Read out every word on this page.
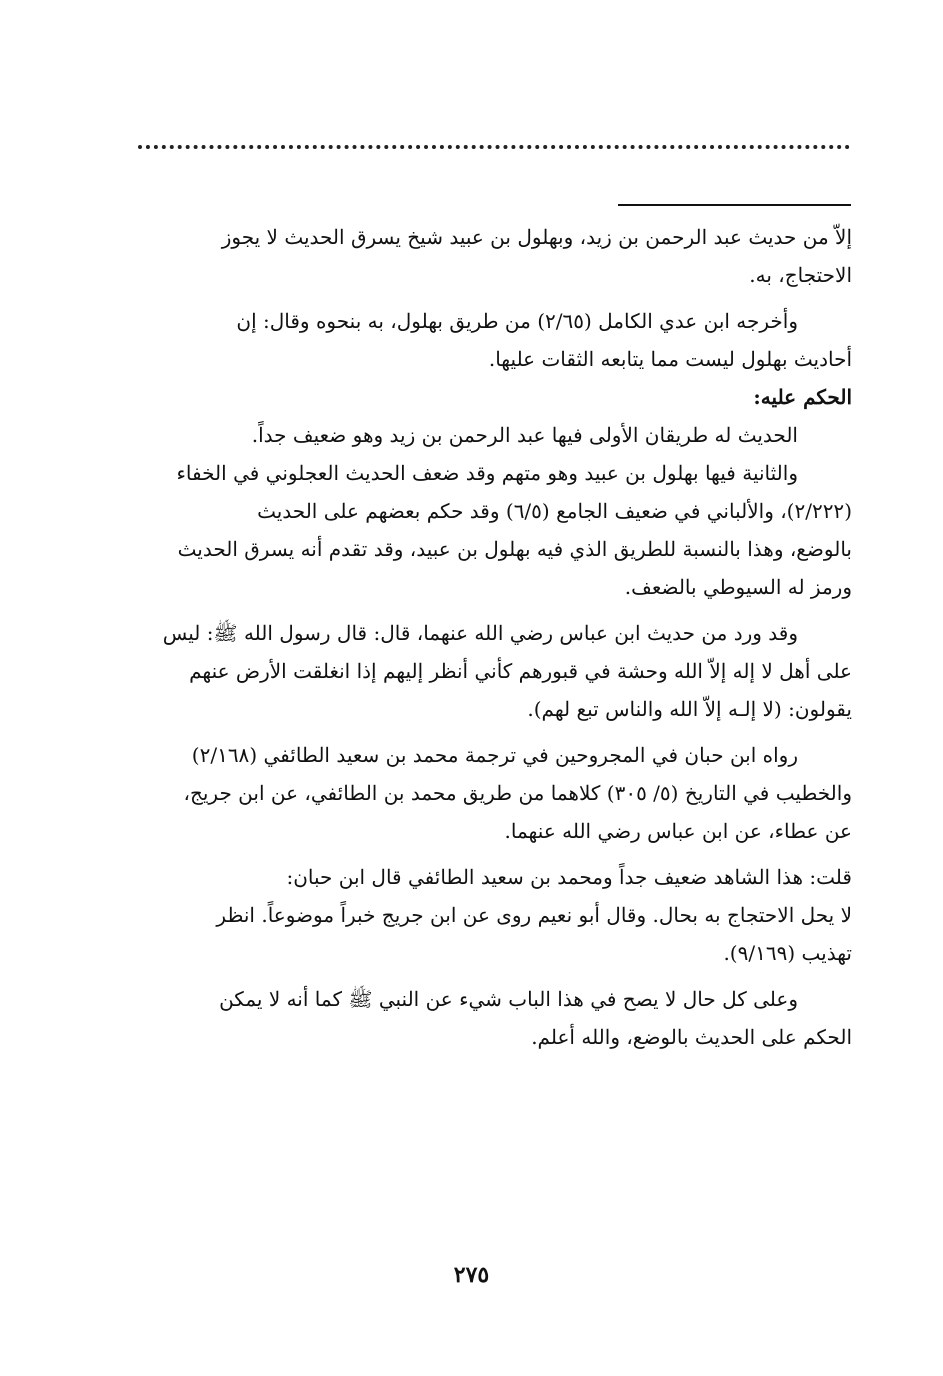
إلاّ من حديث عبد الرحمن بن زيد، وبهلول بن عبيد شيخ يسرق الحديث لا يجوز

الاحتجاج، به.

وأخرجه ابن عدي الكامل (٢/٦٥) من طريق بهلول، به بنحوه وقال: إن

أحاديث بهلول ليست مما يتابعه الثقات عليها.

الحكم عليه:

الحديث له طريقان الأولى فيها عبد الرحمن بن زيد وهو ضعيف جداً.

والثانية فيها بهلول بن عبيد وهو متهم وقد ضعف الحديث العجلوني في الخفاء

(٢/٢٢٢)، والألباني في ضعيف الجامع (٦/٥) وقد حكم بعضهم على الحديث

بالوضع، وهذا بالنسبة للطريق الذي فيه بهلول بن عبيد، وقد تقدم أنه يسرق الحديث

ورمز له السيوطي بالضعف.

وقد ورد من حديث ابن عباس رضي الله عنهما، قال: قال رسول الله ﷺ: ليس

على أهل لا إله إلاّ الله وحشة في قبورهم كأني أنظر إليهم إذا انغلقت الأرض عنهم

يقولون: (لا إلـه إلاّ الله والناس تبع لهم).

رواه ابن حبان في المجروحين في ترجمة محمد بن سعيد الطائفي (٢/١٦٨)

والخطيب في التاريخ (٥/ ٣٠٥) كلاهما من طريق محمد بن الطائفي، عن ابن جريج،

عن عطاء، عن ابن عباس رضي الله عنهما.

قلت: هذا الشاهد ضعيف جداً ومحمد بن سعيد الطائفي قال ابن حبان:

لا يحل الاحتجاج به بحال. وقال أبو نعيم روى عن ابن جريج خبراً موضوعاً. انظر

تهذيب (٩/١٦٩).

وعلى كل حال لا يصح في هذا الباب شيء عن النبي ﷺ كما أنه لا يمكن

الحكم على الحديث بالوضع، والله أعلم.

٢٧٥
